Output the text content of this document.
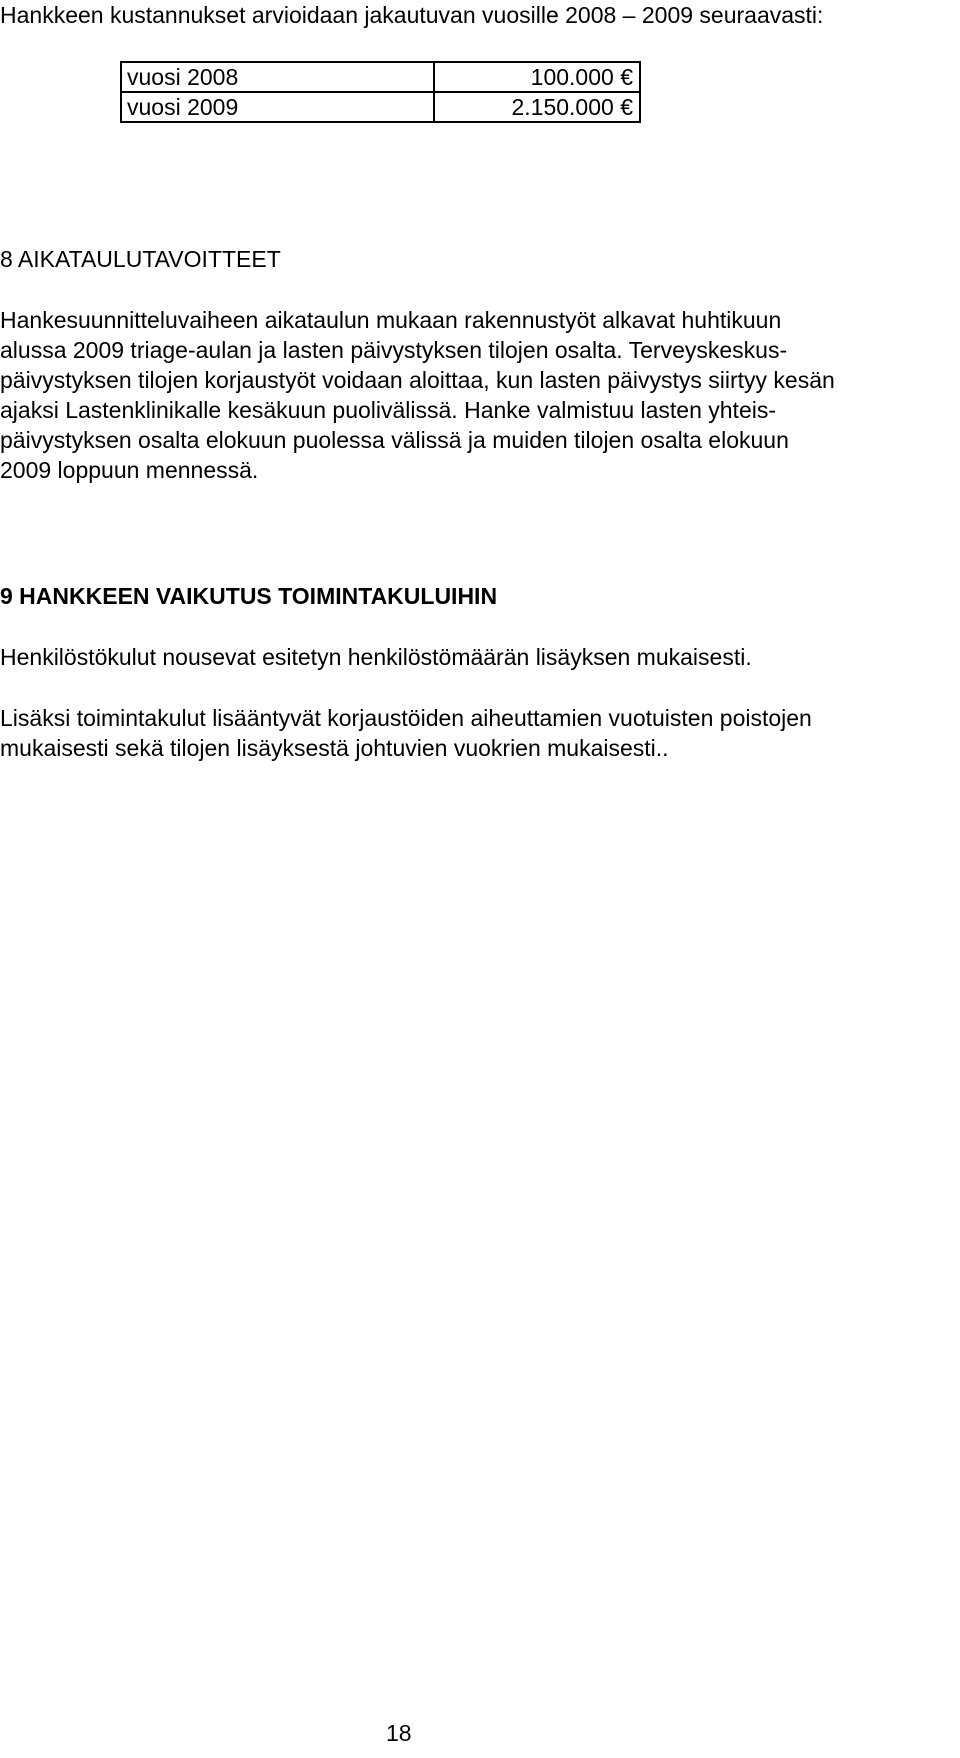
Hankkeen kustannukset arvioidaan jakautuvan vuosille 2008 – 2009 seuraavasti:

vuosi 2008	100.000 €
vuosi 2009	2.150.000 €
8 AIKATAULUTAVOITTEET

Hankesuunnitteluvaiheen aikataulun mukaan rakennustyöt alkavat huhtikuun
alussa 2009 triage-aulan ja lasten päivystyksen tilojen osalta. Terveyskeskus-
päivystyksen tilojen korjaustyöt voidaan aloittaa, kun lasten päivystys siirtyy kesän
ajaksi Lastenklinikalle kesäkuun puolivälissä. Hanke valmistuu lasten yhteis-
päivystyksen osalta elokuun puolessa välissä ja muiden tilojen osalta elokuun
2009 loppuun mennessä.

9 HANKKEEN VAIKUTUS TOIMINTAKULUIHIN

Henkilöstökulut nousevat esitetyn henkilöstömäärän lisäyksen mukaisesti.

Lisäksi toimintakulut lisääntyvät korjaustöiden aiheuttamien vuotuisten poistojen
mukaisesti sekä tilojen lisäyksestä johtuvien vuokrien mukaisesti..

18
